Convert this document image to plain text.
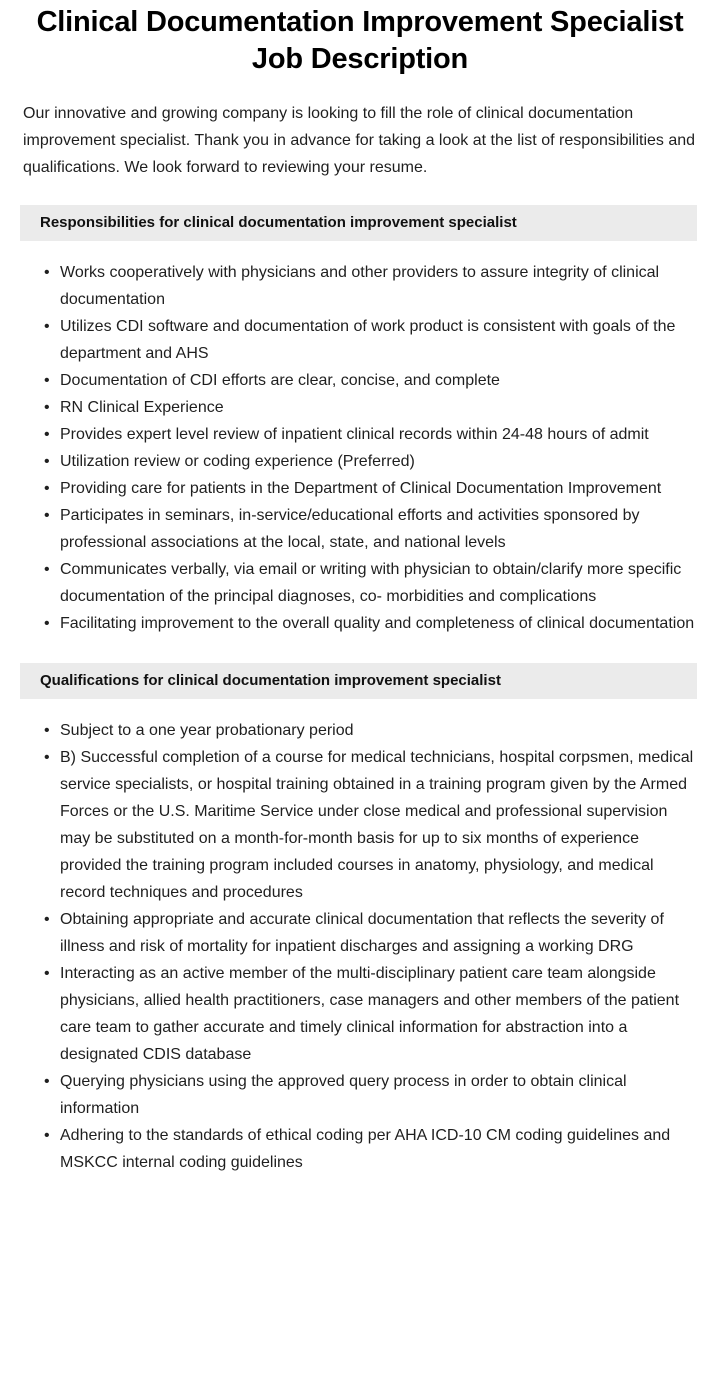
Clinical Documentation Improvement Specialist Job Description

Our innovative and growing company is looking to fill the role of clinical documentation improvement specialist. Thank you in advance for taking a look at the list of responsibilities and qualifications. We look forward to reviewing your resume.

Responsibilities for clinical documentation improvement specialist
• Works cooperatively with physicians and other providers to assure integrity of clinical documentation
• Utilizes CDI software and documentation of work product is consistent with goals of the department and AHS
• Documentation of CDI efforts are clear, concise, and complete
• RN Clinical Experience
• Provides expert level review of inpatient clinical records within 24-48 hours of admit
• Utilization review or coding experience (Preferred)
• Providing care for patients in the Department of Clinical Documentation Improvement
• Participates in seminars, in-service/educational efforts and activities sponsored by professional associations at the local, state, and national levels
• Communicates verbally, via email or writing with physician to obtain/clarify more specific documentation of the principal diagnoses, co- morbidities and complications
• Facilitating improvement to the overall quality and completeness of clinical documentation
Qualifications for clinical documentation improvement specialist
• Subject to a one year probationary period
• B) Successful completion of a course for medical technicians, hospital corpsmen, medical service specialists, or hospital training obtained in a training program given by the Armed Forces or the U.S. Maritime Service under close medical and professional supervision may be substituted on a month-for-month basis for up to six months of experience provided the training program included courses in anatomy, physiology, and medical record techniques and procedures
• Obtaining appropriate and accurate clinical documentation that reflects the severity of illness and risk of mortality for inpatient discharges and assigning a working DRG
• Interacting as an active member of the multi-disciplinary patient care team alongside physicians, allied health practitioners, case managers and other members of the patient care team to gather accurate and timely clinical information for abstraction into a designated CDIS database
• Querying physicians using the approved query process in order to obtain clinical information
• Adhering to the standards of ethical coding per AHA ICD-10 CM coding guidelines and MSKCC internal coding guidelines
